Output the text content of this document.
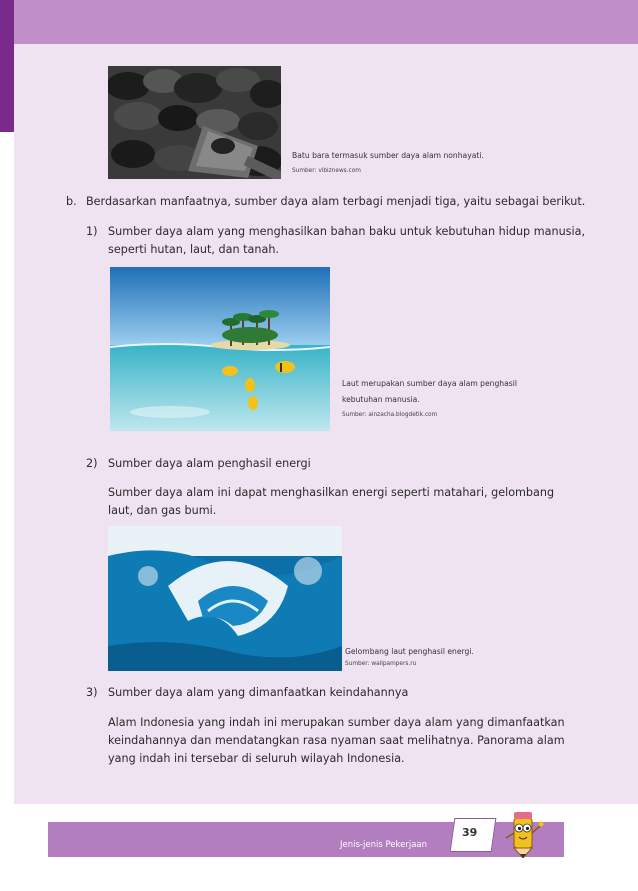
Batu bara termasuk sumber daya alam nonhayati.
Sumber: vibiznews.com
b. Berdasarkan manfaatnya, sumber daya alam terbagi menjadi tiga, yaitu sebagai berikut.
1) Sumber daya alam yang menghasilkan bahan baku untuk kebutuhan hidup manusia,
seperti hutan, laut, dan tanah.
Laut merupakan sumber daya alam penghasil
kebutuhan manusia.
Sumber: ainzacha.blogdetik.com
2) Sumber daya alam penghasil energi
Sumber daya alam ini dapat menghasilkan energi seperti matahari, gelombang
laut, dan gas bumi.
Gelombang laut penghasil energi.
Sumber: wallpampers.ru
3) Sumber daya alam yang dimanfaatkan keindahannya
Alam Indonesia yang indah ini merupakan sumber daya alam yang dimanfaatkan
keindahannya dan mendatangkan rasa nyaman saat melihatnya. Panorama alam
yang indah ini tersebar di seluruh wilayah Indonesia.
Jenis-jenis Pekerjaan
39
